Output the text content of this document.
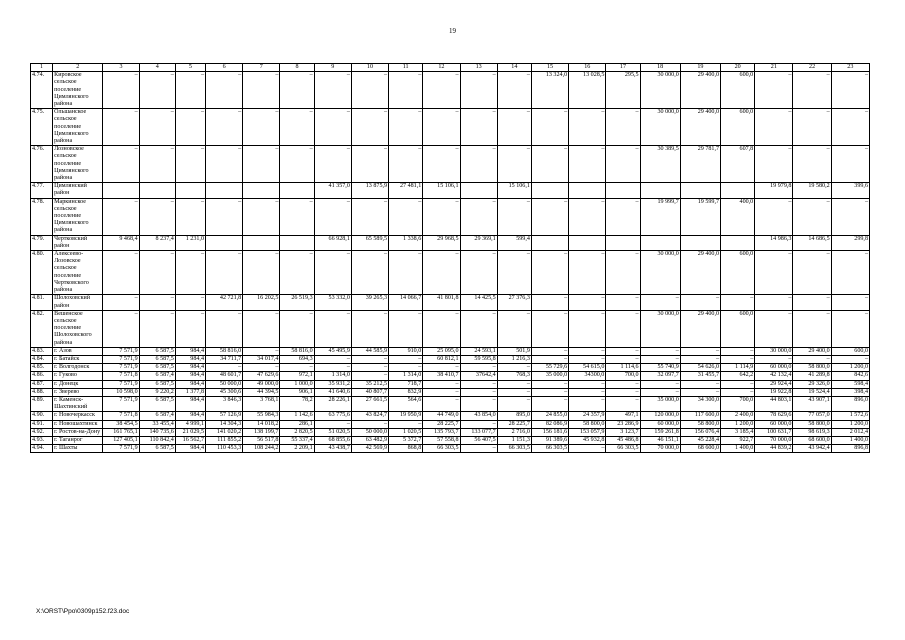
19
1	2	3	4	5	6	7	8	9	10	11	12	13	14	15	16	17	18	19	20	21	22	23
4.74.	Кировское сельское поселение Цимлянского района	–	–	–	–	–	–	–	–	–	–	–	–	13 324,0	13 028,5	295,5	30 000,0	29 400,0	600,0	–	–	–
4.75.	Ольшанское сельское поселение Цимлянского района	–	–	–	–	–	–	–	–	–	–	–	–	–	–	–	30 000,0	29 400,0	600,0	–	–	–
4.76.	Лозновское сельское поселение Цимлянского района	–	–	–	–	–	–	–	–	–	–	–	–	–	–	–	30 389,5	29 781,7	607,8	–	–	–
4.77.	Цимлянский район							41 357,0	13 875,9	27 481,1	15 106,1		15 106,1							19 979,8	19 580,2	399,6
4.78.	Маркинское сельское поселение Цимлянского района	–	–	–	–	–	–	–	–	–	–	–	–	–	–	–	19 999,7	19 599,7	400,0	–	–	–
4.79.	Чертковский район	9 468,4	8 237,4	1 231,0				66 928,1	65 589,5	1 338,6	29 968,5	29 369,1	599,4							14 986,3	14 686,5	299,8
4.80.	Алексеево-Лозовское сельское поселение Чертковского района	–	–	–	–	–	–	–	–	–	–	–	–	–	–	–	30 000,0	29 400,0	600,0	–	–	–
4.81.	Шолоховский район	–	–	–	42 721,8	16 202,5	26 519,3	53 332,0	39 265,3	14 066,7	41 801,8	14 425,5	27 376,3	–	–	–	–	–	–	–	–	–
4.82.	Вешенское сельское поселение Шолоховского района	–	–	–	–	–	–	–	–	–	–	–	–	–	–	–	30 000,0	29 400,0	600,0	–	–	–
4.83.	г. Азов	7 571,9	6 587,5	984,4	58 816,0	–	58 816,0	45 495,9	44 585,9	910,0	25 095,0	24 593,1	501,9	–	–	–	–	–	–	30 000,0	29 400,0	600,0
4.84.	г. Батайск	7 571,9	6 587,5	984,4	34 711,7	34 017,4	694,3	–	–	–	60 812,1	59 595,8	1 216,3	–	–	–	–	–	–	–	–	–
4.85.	г. Волгодонск	7 571,9	6 587,5	984,4	–	–	–	–	–	–	–	–	–	55 729,6	54 615,0	1 114,6	55 740,9	54 626,0	1 114,9	60 000,0	58 800,0	1 200,0
4.86.	г. Гуково	7 571,8	6 587,4	984,4	48 601,7	47 629,6	972,1	1 314,0	–	1 314,0	38 410,7	37642,4	768,3	35 000,0	34300,0	700,0	32 097,7	31 455,7	642,2	42 132,4	41 289,8	842,6
4.87.	г. Донецк	7 571,9	6 587,5	984,4	50 000,0	49 000,0	1 000,0	35 931,2	35 212,5	718,7	–	–	–	–	–	–	–	–	–	29 924,4	29 326,0	598,4
4.88.	г. Зверево	10 598,0	9 220,2	1 377,8	45 300,6	44 394,5	906,1	41 640,6	40 807,7	832,9	–	–	–	–	–	–	–	–	–	19 922,8	19 524,4	398,4
4.89.	г. Каменск-Шахтинский	7 571,9	6 587,5	984,4	3 846,3	3 768,1	78,2	28 226,1	27 661,5	564,6	–	–	–	–	–	–	35 000,0	34 300,0	700,0	44 803,1	43 907,1	896,0
4.90.	г. Новочеркасск	7 571,8	6 587,4	984,4	57 126,9	55 984,3	1 142,6	63 775,6	43 824,7	19 950,9	44 749,0	43 854,0	895,0	24 855,0	24 357,9	497,1	120 000,0	117 600,0	2 400,0	78 629,6	77 057,0	1 572,6
4.91.	г. Новошахтинск	38 454,5	33 455,4	4 999,1	14 304,3	14 018,2	286,1	–	–	–	28 225,7	–	28 225,7	82 086,9	58 800,0	23 286,9	60 000,0	58 800,0	1 200,0	60 000,0	58 800,0	1 200,0
4.92.	г. Ростов-на-Дону	161 765,1	140 735,6	21 029,5	141 020,2	138 199,7	2 820,5	51 020,5	50 000,0	1 020,5	135 793,7	133 077,7	2 716,0	156 181,6	153 057,9	3 123,7	159 261,8	156 076,4	3 185,4	100 631,7	98 619,3	2 012,4
4.93.	г. Таганрог	127 405,1	110 842,4	16 562,7	111 855,2	56 517,8	55 337,4	68 855,6	63 482,9	5 372,7	57 558,8	56 407,5	1 151,3	91 389,6	45 932,8	45 486,8	46 151,1	45 228,4	922,7	70 000,0	68 600,0	1 400,0
4.94.	г. Шахты	7 571,9	6 587,5	984,4	110 453,3	108 244,2	2 209,1	43 438,7	42 569,9	868,8	66 303,5	–	66 303,5	66 303,5	–	66 303,5	70 000,0	68 600,0	1 400,0	44 839,2	43 942,4	896,8
X:\ORST\Ppo\0309p152.f23.doc
